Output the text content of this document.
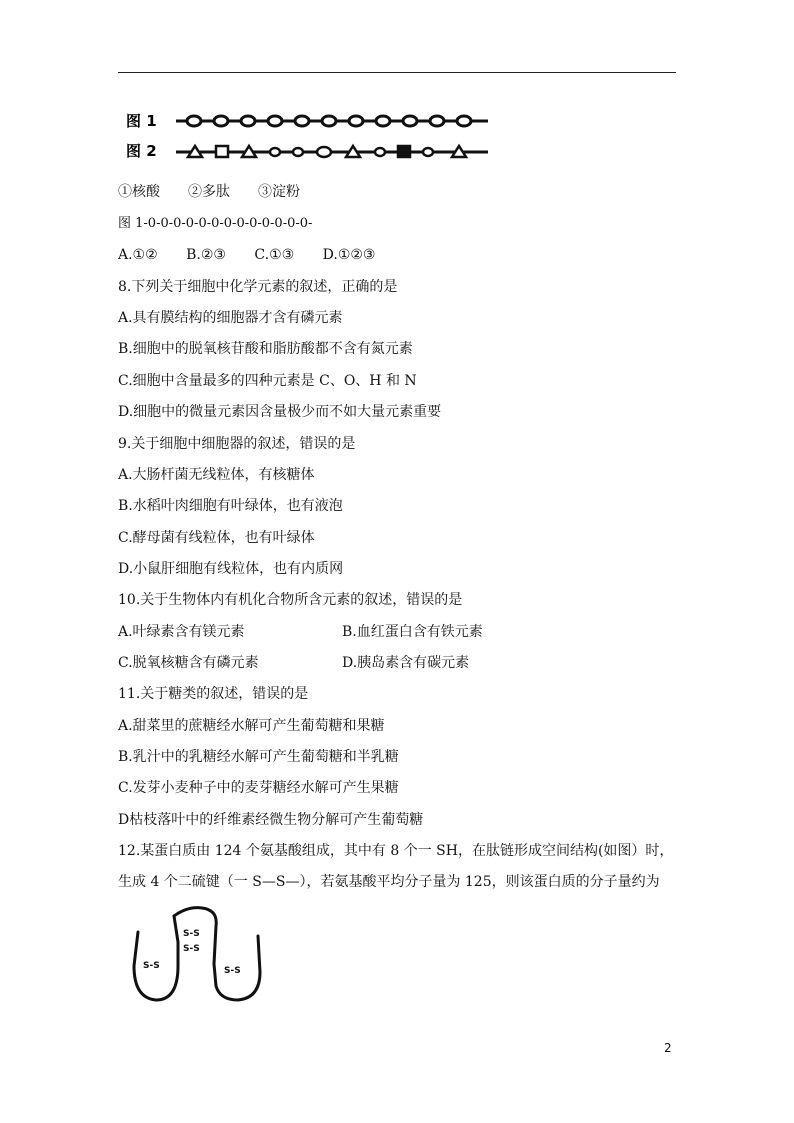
图 1
图 2
①核酸　　②多肽　　③淀粉
图 1-0-0-0-0-0-0-0-0-0-0-0-0-0-
A.①② B.②③ C.①③ D.①②③
8.下列关于细胞中化学元素的叙述，正确的是
A.具有膜结构的细胞器才含有磷元素
B.细胞中的脱氧核苷酸和脂肪酸都不含有氮元素
C.细胞中含量最多的四种元素是 C、O、H 和 N
D.细胞中的微量元素因含量极少而不如大量元素重要
9.关于细胞中细胞器的叙述，错误的是
A.大肠杆菌无线粒体，有核糖体
B.水稻叶肉细胞有叶绿体，也有液泡
C.酵母菌有线粒体，也有叶绿体
D.小鼠肝细胞有线粒体，也有内质网
10.关于生物体内有机化合物所含元素的叙述，错误的是
A.叶绿素含有镁元素	B.血红蛋白含有铁元素
C.脱氧核糖含有磷元素	D.胰岛素含有碳元素
11.关于糖类的叙述，错误的是
A.甜菜里的蔗糖经水解可产生葡萄糖和果糖
B.乳汁中的乳糖经水解可产生葡萄糖和半乳糖
C.发芽小麦种子中的麦芽糖经水解可产生果糖
D枯枝落叶中的纤维素经微生物分解可产生葡萄糖
12.某蛋白质由 124 个氨基酸组成，其中有 8 个一 SH，在肽链形成空间结构(如图）时，生成 4 个二硫键（一 S—S—），若氨基酸平均分子量为 125，则该蛋白质的分子量约为
S-S
S-S
S-S
S-S
2
